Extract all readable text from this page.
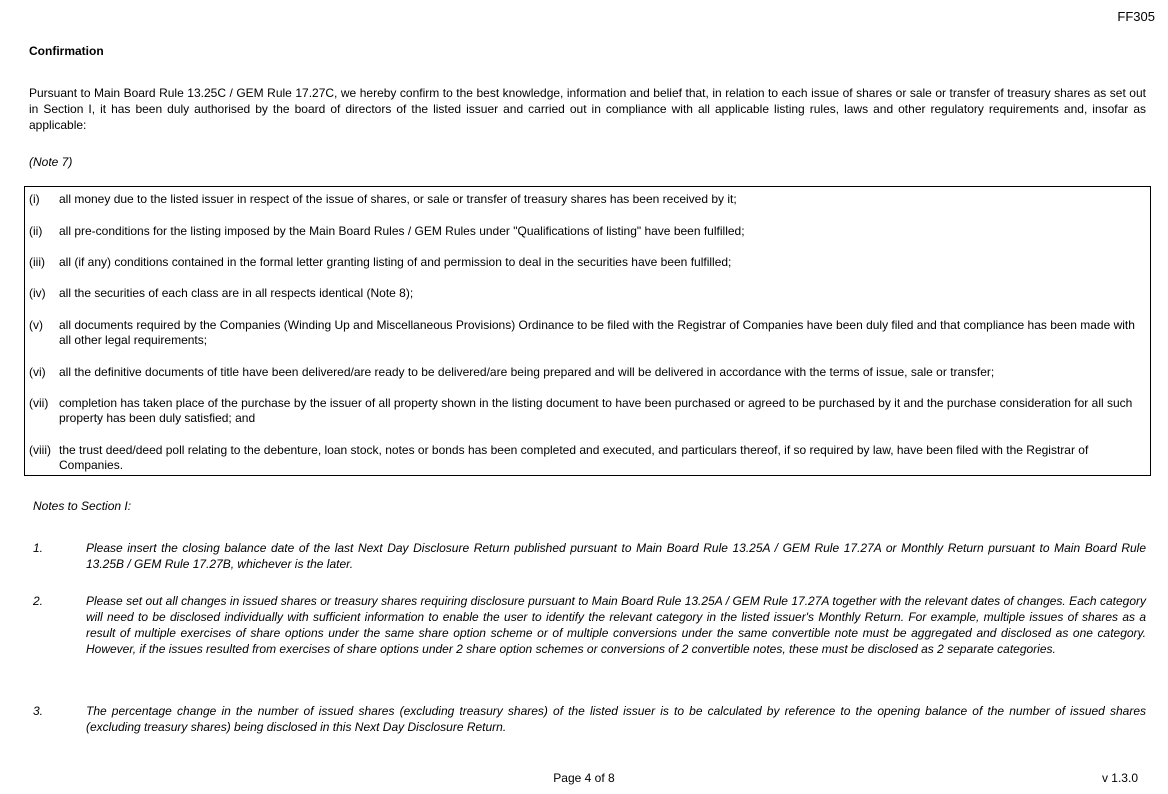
FF305
Confirmation
Pursuant to Main Board Rule 13.25C / GEM Rule 17.27C, we hereby confirm to the best knowledge, information and belief that, in relation to each issue of shares or sale or transfer of treasury shares as set out in Section I, it has been duly authorised by the board of directors of the listed issuer and carried out in compliance with all applicable listing rules, laws and other regulatory requirements and, insofar as applicable:
(Note 7)
(i) all money due to the listed issuer in respect of the issue of shares, or sale or transfer of treasury shares has been received by it;
(ii) all pre-conditions for the listing imposed by the Main Board Rules / GEM Rules under "Qualifications of listing" have been fulfilled;
(iii) all (if any) conditions contained in the formal letter granting listing of and permission to deal in the securities have been fulfilled;
(iv) all the securities of each class are in all respects identical (Note 8);
(v) all documents required by the Companies (Winding Up and Miscellaneous Provisions) Ordinance to be filed with the Registrar of Companies have been duly filed and that compliance has been made with all other legal requirements;
(vi) all the definitive documents of title have been delivered/are ready to be delivered/are being prepared and will be delivered in accordance with the terms of issue, sale or transfer;
(vii) completion has taken place of the purchase by the issuer of all property shown in the listing document to have been purchased or agreed to be purchased by it and the purchase consideration for all such property has been duly satisfied; and
(viii) the trust deed/deed poll relating to the debenture, loan stock, notes or bonds has been completed and executed, and particulars thereof, if so required by law, have been filed with the Registrar of Companies.
Notes to Section I:
1.	Please insert the closing balance date of the last Next Day Disclosure Return published pursuant to Main Board Rule 13.25A / GEM Rule 17.27A or Monthly Return pursuant to Main Board Rule 13.25B / GEM Rule 17.27B, whichever is the later.
2.	Please set out all changes in issued shares or treasury shares requiring disclosure pursuant to Main Board Rule 13.25A / GEM Rule 17.27A together with the relevant dates of changes. Each category will need to be disclosed individually with sufficient information to enable the user to identify the relevant category in the listed issuer's Monthly Return. For example, multiple issues of shares as a result of multiple exercises of share options under the same share option scheme or of multiple conversions under the same convertible note must be aggregated and disclosed as one category. However, if the issues resulted from exercises of share options under 2 share option schemes or conversions of 2 convertible notes, these must be disclosed as 2 separate categories.
3.	The percentage change in the number of issued shares (excluding treasury shares) of the listed issuer is to be calculated by reference to the opening balance of the number of issued shares (excluding treasury shares) being disclosed in this Next Day Disclosure Return.
Page 4 of 8	v 1.3.0
